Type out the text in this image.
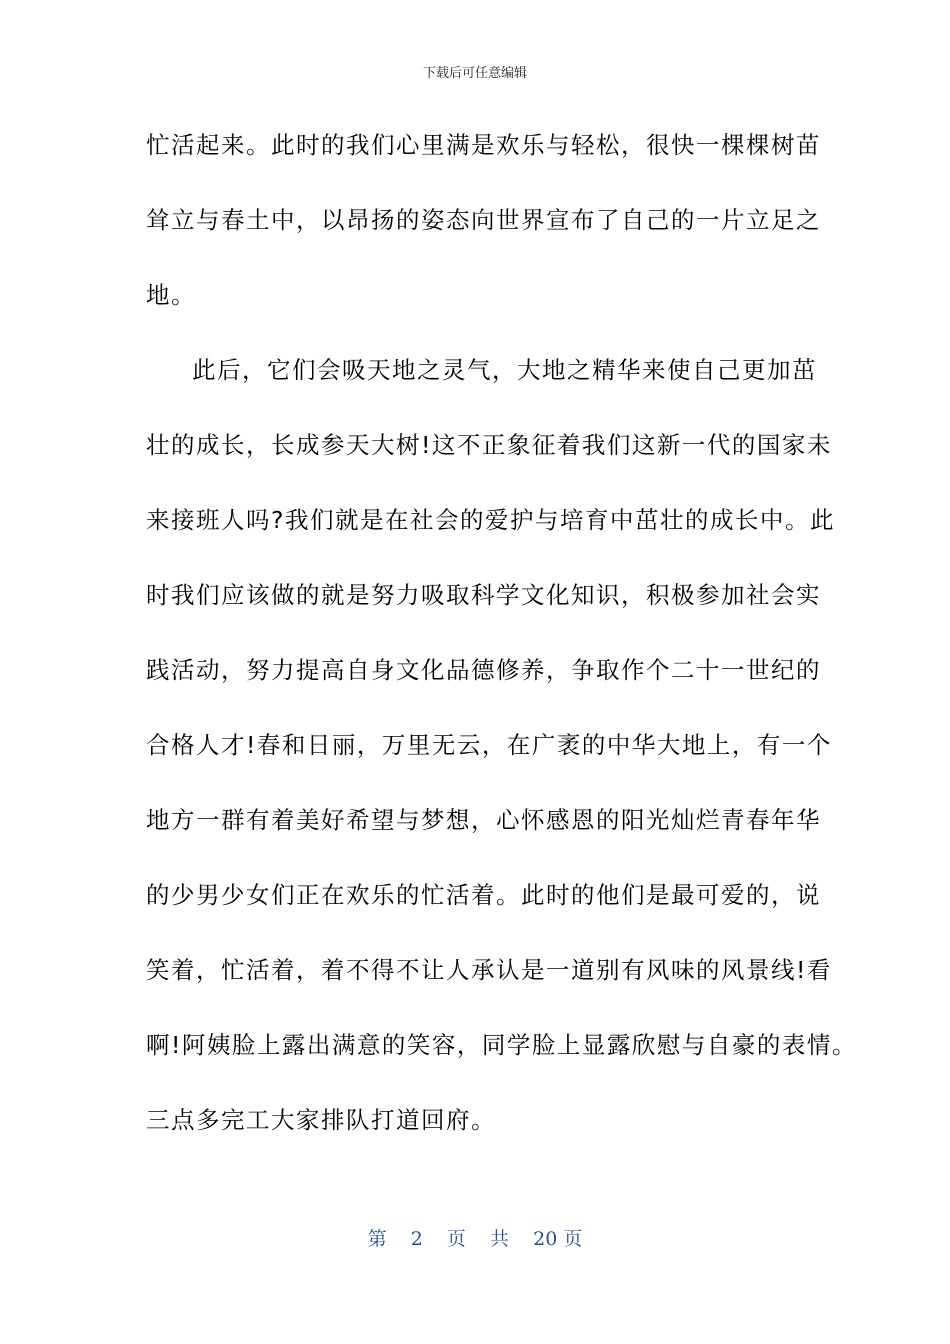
下载后可任意编辑
忙活起来。此时的我们心里满是欢乐与轻松，很快一棵棵树苗
耸立与春土中，以昂扬的姿态向世界宣布了自己的一片立足之
地。
此后，它们会吸天地之灵气，大地之精华来使自己更加茁
壮的成长，长成参天大树!这不正象征着我们这新一代的国家未
来接班人吗?我们就是在社会的爱护与培育中茁壮的成长中。此
时我们应该做的就是努力吸取科学文化知识，积极参加社会实
践活动，努力提高自身文化品德修养，争取作个二十一世纪的
合格人才!春和日丽，万里无云，在广袤的中华大地上，有一个
地方一群有着美好希望与梦想，心怀感恩的阳光灿烂青春年华
的少男少女们正在欢乐的忙活着。此时的他们是最可爱的，说
笑着，忙活着，着不得不让人承认是一道别有风味的风景线!看
啊!阿姨脸上露出满意的笑容，同学脸上显露欣慰与自豪的表情。
三点多完工大家排队打道回府。
第 2 页 共 20 页
